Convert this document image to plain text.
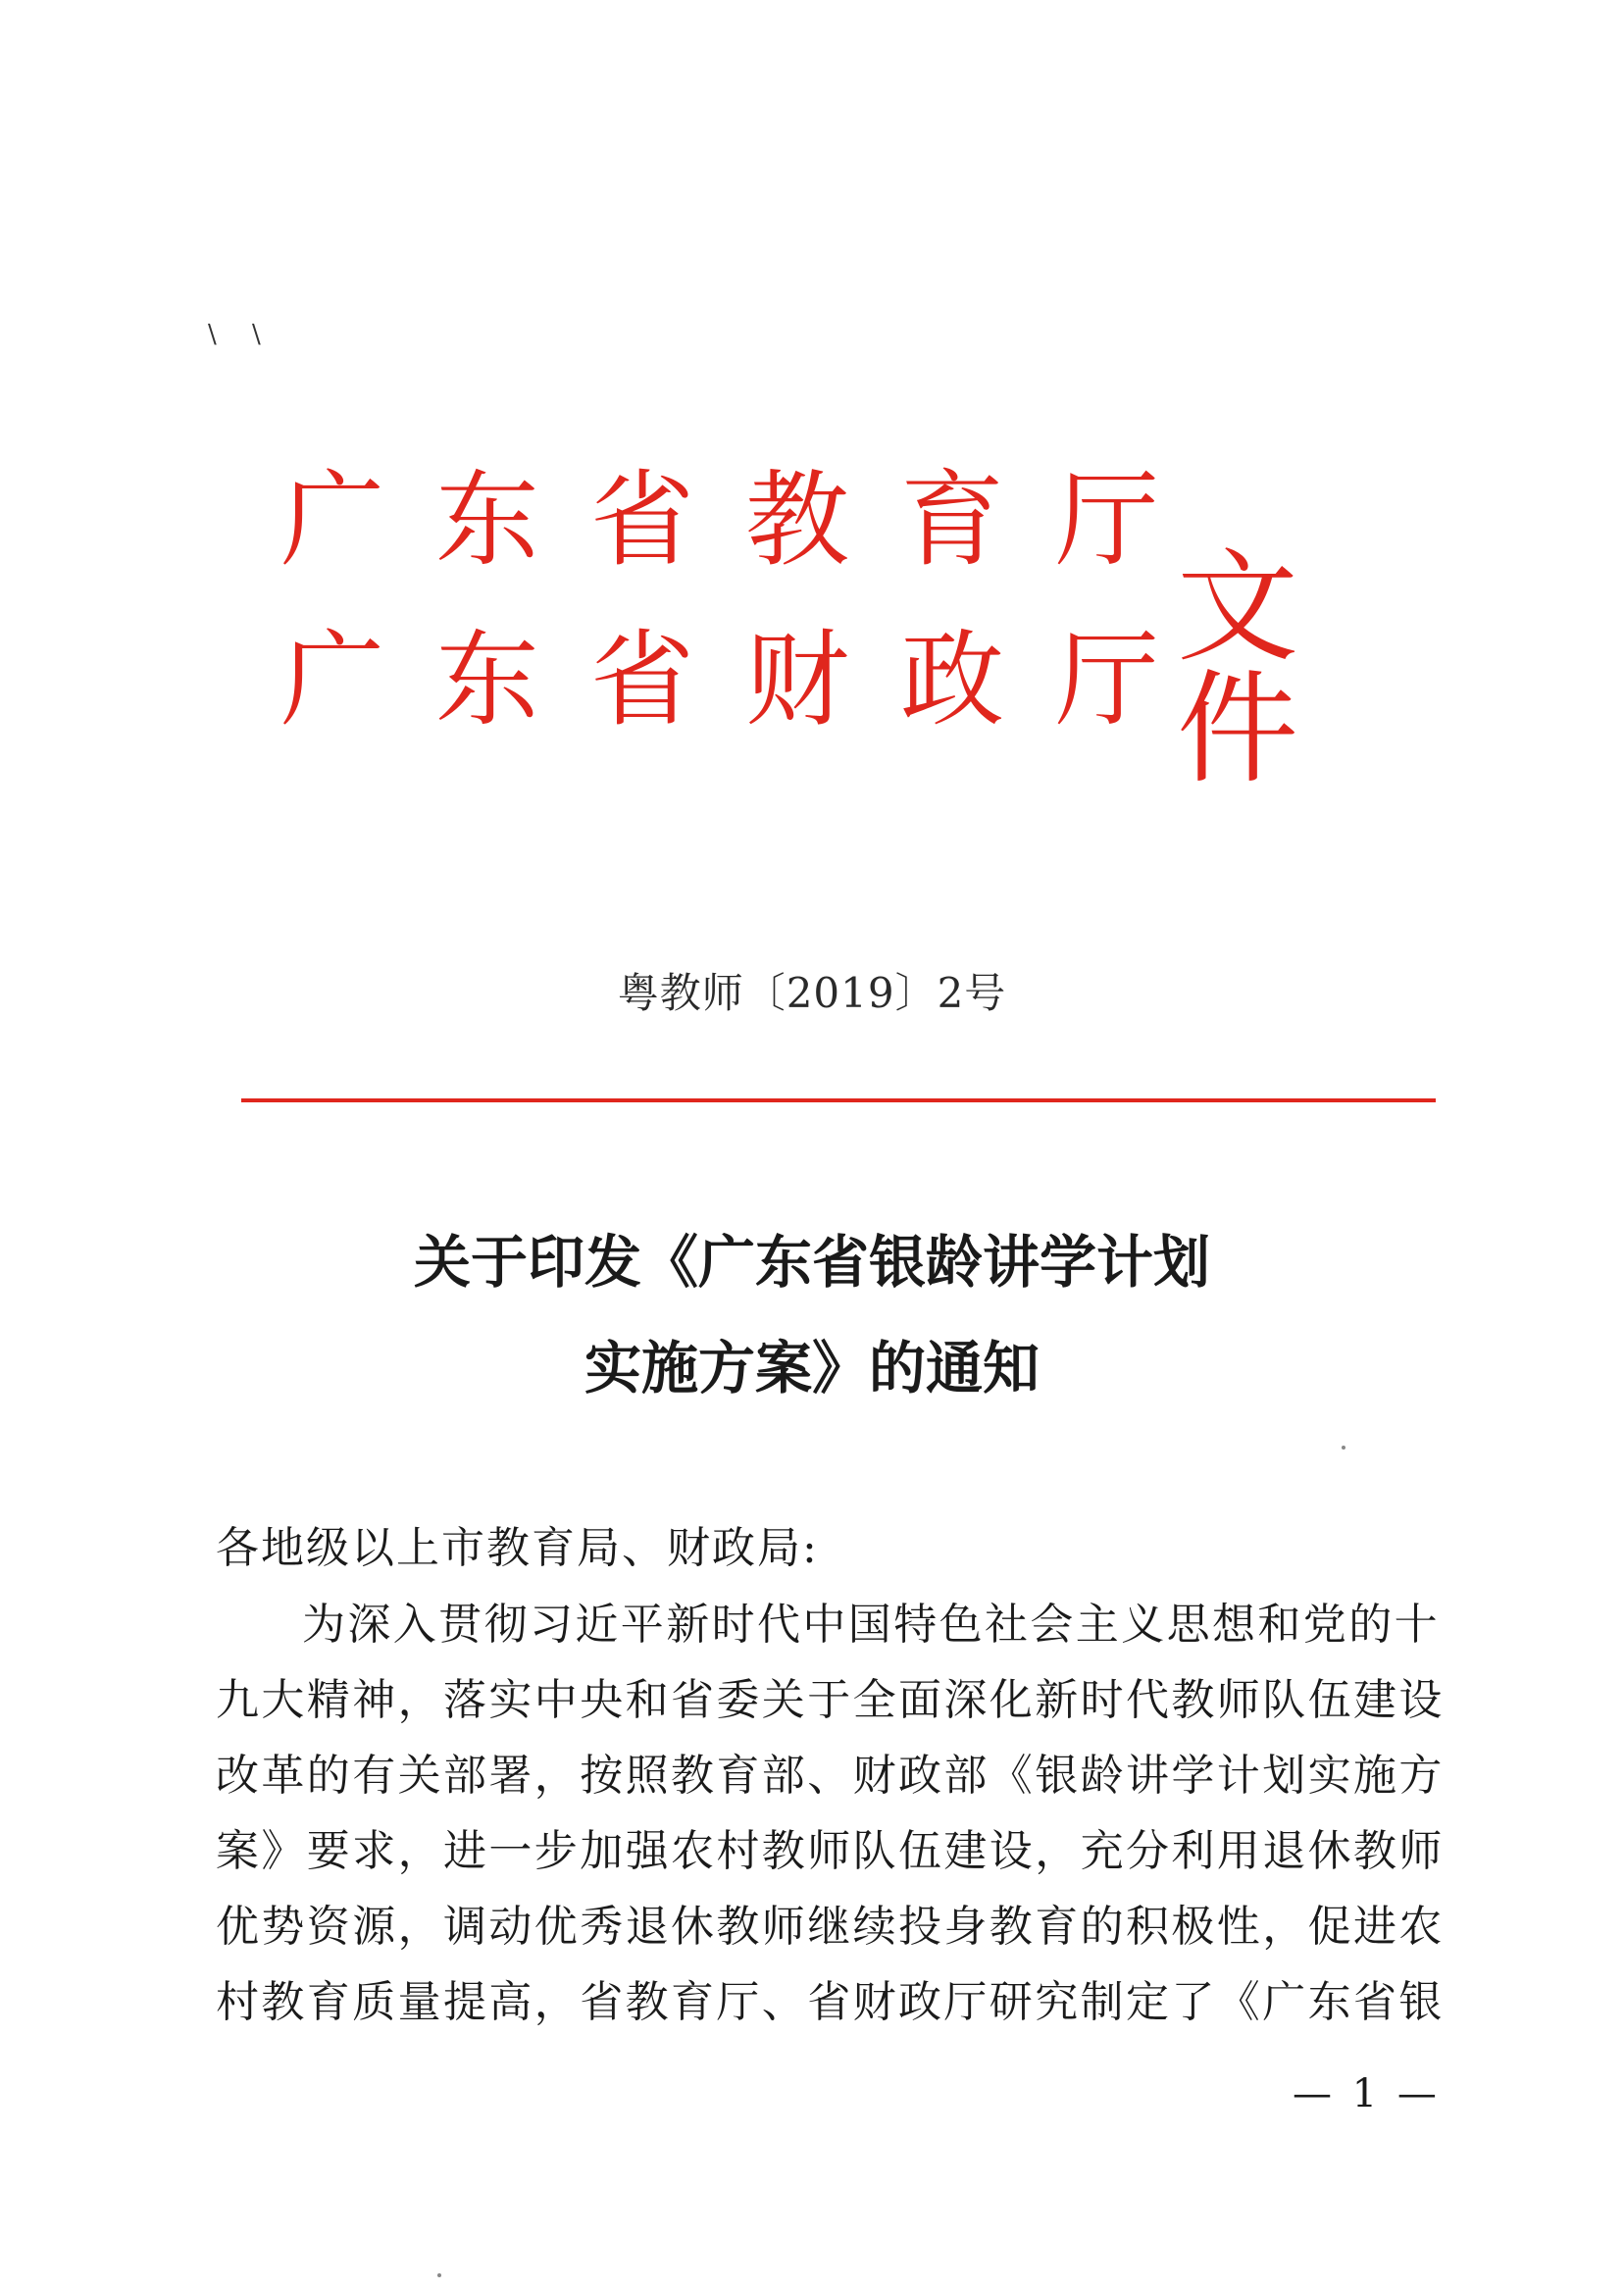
\ \
广 东 省 教 育 厅
广 东 省 财 政 厅
文件
粤教师〔2019〕2号
关于印发《广东省银龄讲学计划
实施方案》的通知
各地级以上市教育局、财政局:
为深入贯彻习近平新时代中国特色社会主义思想和党的十
九大精神，落实中央和省委关于全面深化新时代教师队伍建设
改革的有关部署，按照教育部、财政部《银龄讲学计划实施方
案》要求，进一步加强农村教师队伍建设，充分利用退休教师
优势资源，调动优秀退休教师继续投身教育的积极性，促进农
村教育质量提高，省教育厅、省财政厅研究制定了《广东省银
— 1 —
